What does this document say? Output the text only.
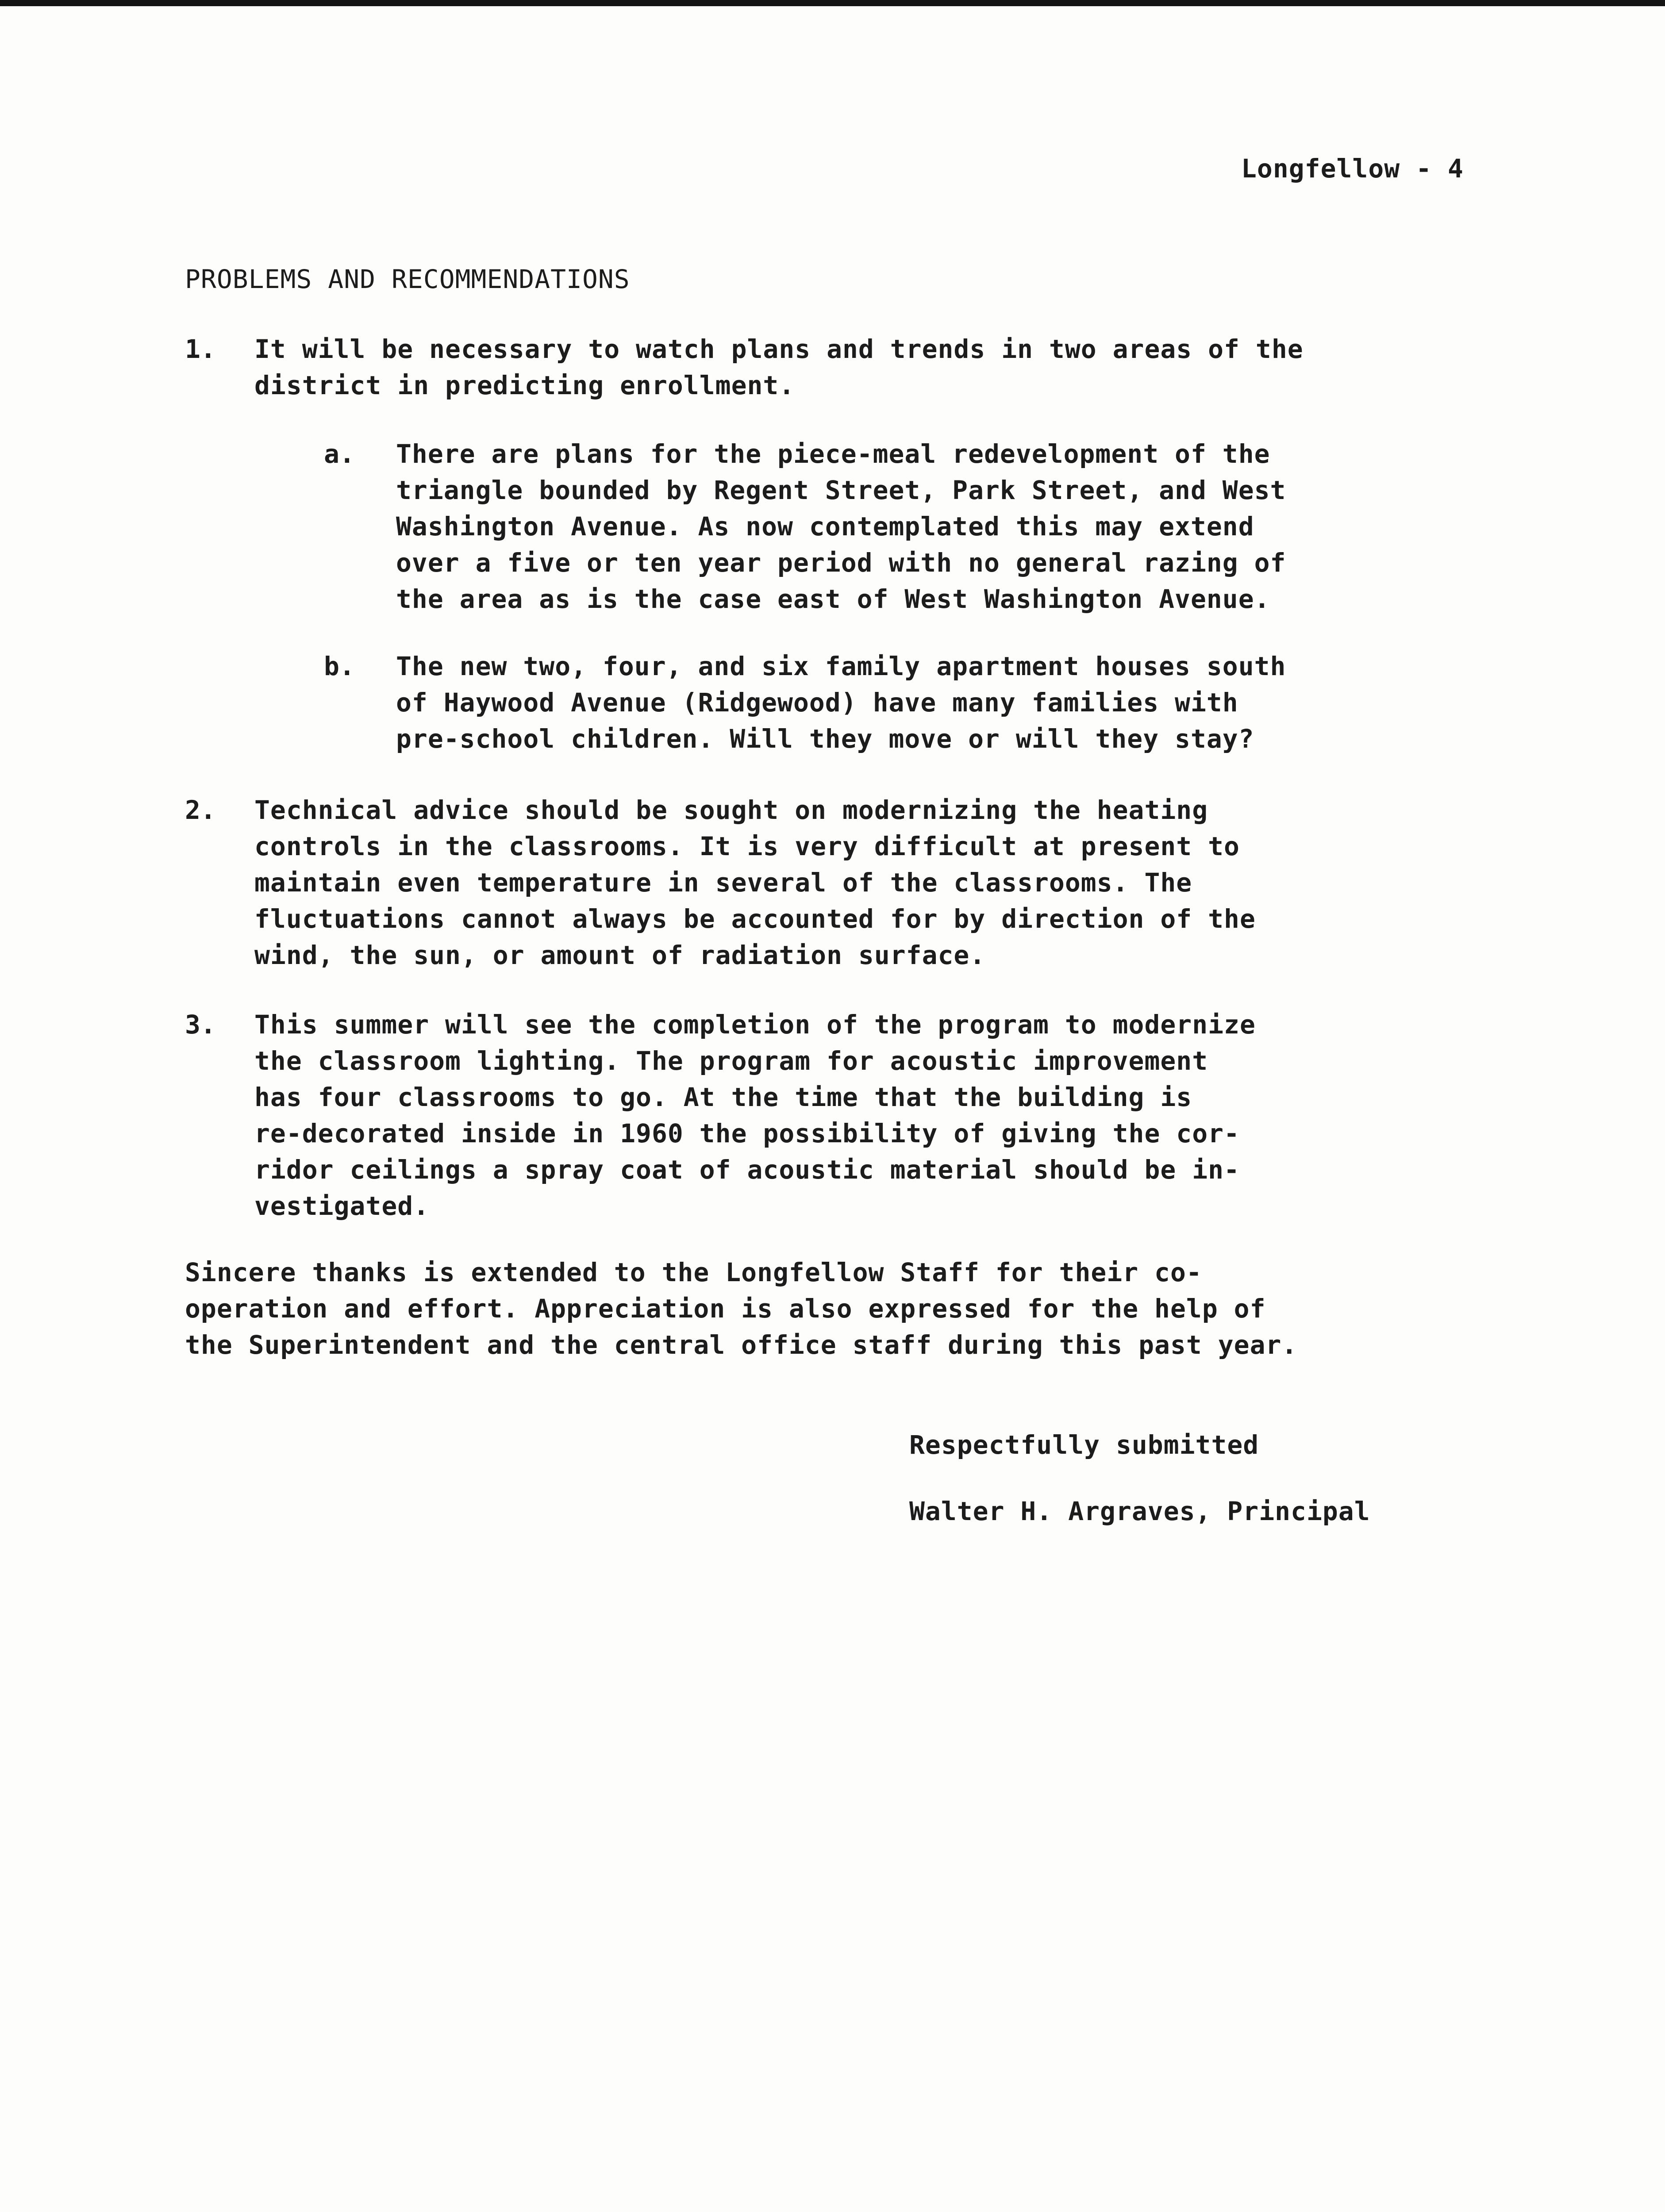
Longfellow - 4
PROBLEMS AND RECOMMENDATIONS
1. It will be necessary to watch plans and trends in two areas of the
district in predicting enrollment.
a. There are plans for the piece-meal redevelopment of the
triangle bounded by Regent Street, Park Street, and West
Washington Avenue. As now contemplated this may extend
over a five or ten year period with no general razing of
the area as is the case east of West Washington Avenue.
b. The new two, four, and six family apartment houses south
of Haywood Avenue (Ridgewood) have many families with
pre-school children. Will they move or will they stay?
2. Technical advice should be sought on modernizing the heating
controls in the classrooms. It is very difficult at present to
maintain even temperature in several of the classrooms. The
fluctuations cannot always be accounted for by direction of the
wind, the sun, or amount of radiation surface.
3. This summer will see the completion of the program to modernize
the classroom lighting. The program for acoustic improvement
has four classrooms to go. At the time that the building is
re-decorated inside in 1960 the possibility of giving the cor-
ridor ceilings a spray coat of acoustic material should be in-
vestigated.
Sincere thanks is extended to the Longfellow Staff for their co-
operation and effort. Appreciation is also expressed for the help of
the Superintendent and the central office staff during this past year.
Respectfully submitted
Walter H. Argraves, Principal
